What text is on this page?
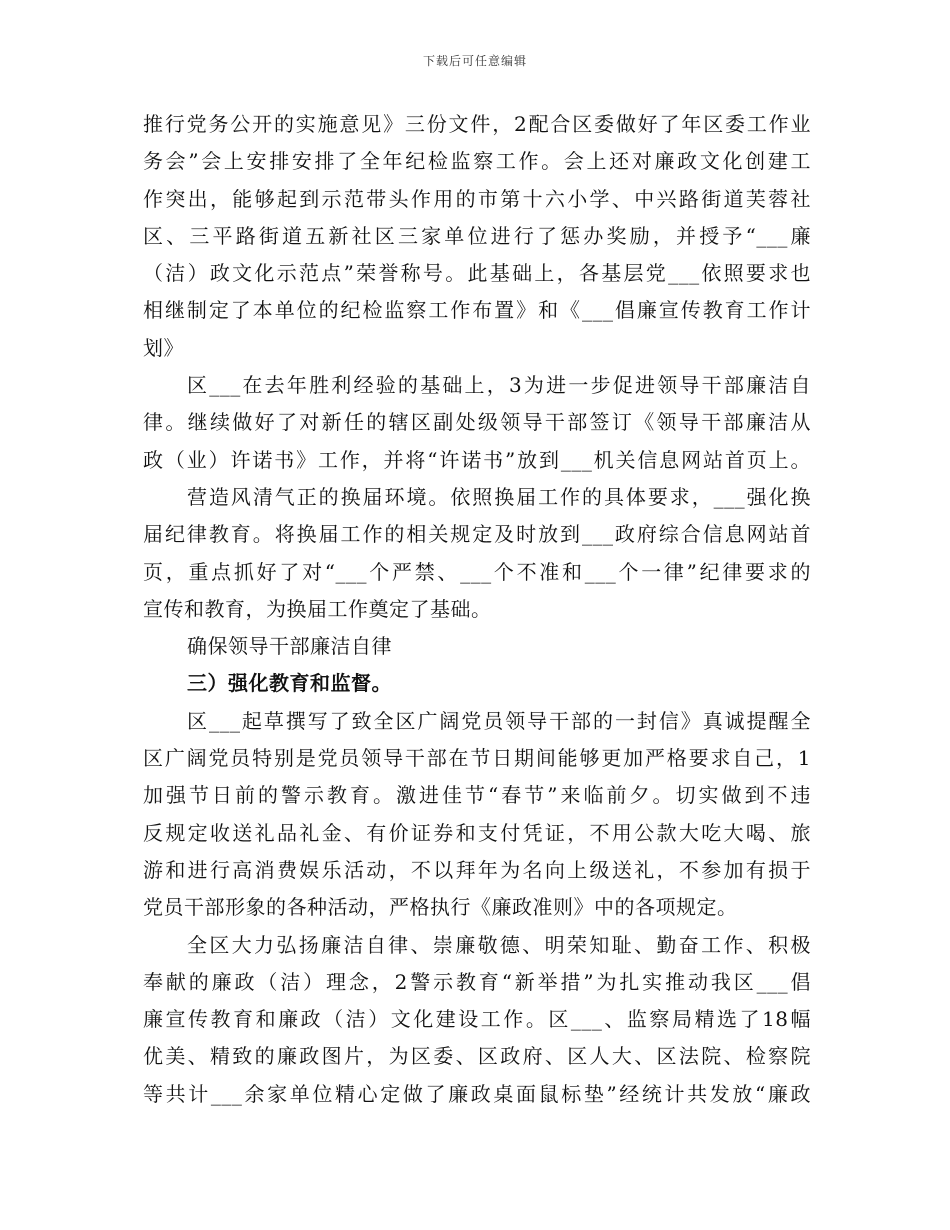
下载后可任意编辑
推行党务公开的实施意见》三份文件，2配合区委做好了年区委工作业
务会”会上安排安排了全年纪检监察工作。会上还对廉政文化创建工
作突出，能够起到示范带头作用的市第十六小学、中兴路街道芙蓉社
区、三平路街道五新社区三家单位进行了惩办奖励，并授予“___廉
（洁）政文化示范点”荣誉称号。此基础上，各基层党___依照要求也
相继制定了本单位的纪检监察工作布置》和《___倡廉宣传教育工作计
划》
区___在去年胜利经验的基础上，3为进一步促进领导干部廉洁自
律。继续做好了对新任的辖区副处级领导干部签订《领导干部廉洁从
政（业）许诺书》工作，并将“许诺书”放到___机关信息网站首页上。
营造风清气正的换届环境。依照换届工作的具体要求，___强化换
届纪律教育。将换届工作的相关规定及时放到___政府综合信息网站首
页，重点抓好了对“___个严禁、___个不准和___个一律”纪律要求的
宣传和教育，为换届工作奠定了基础。
确保领导干部廉洁自律
三）强化教育和监督。
区___起草撰写了致全区广阔党员领导干部的一封信》真诚提醒全
区广阔党员特别是党员领导干部在节日期间能够更加严格要求自己，1
加强节日前的警示教育。激进佳节“春节”来临前夕。切实做到不违
反规定收送礼品礼金、有价证券和支付凭证，不用公款大吃大喝、旅
游和进行高消费娱乐活动，不以拜年为名向上级送礼，不参加有损于
党员干部形象的各种活动，严格执行《廉政准则》中的各项规定。
全区大力弘扬廉洁自律、崇廉敬德、明荣知耻、勤奋工作、积极
奉献的廉政（洁）理念，2警示教育“新举措”为扎实推动我区___倡
廉宣传教育和廉政（洁）文化建设工作。区___、监察局精选了18幅
优美、精致的廉政图片，为区委、区政府、区人大、区法院、检察院
等共计___余家单位精心定做了廉政桌面鼠标垫”经统计共发放“廉政
